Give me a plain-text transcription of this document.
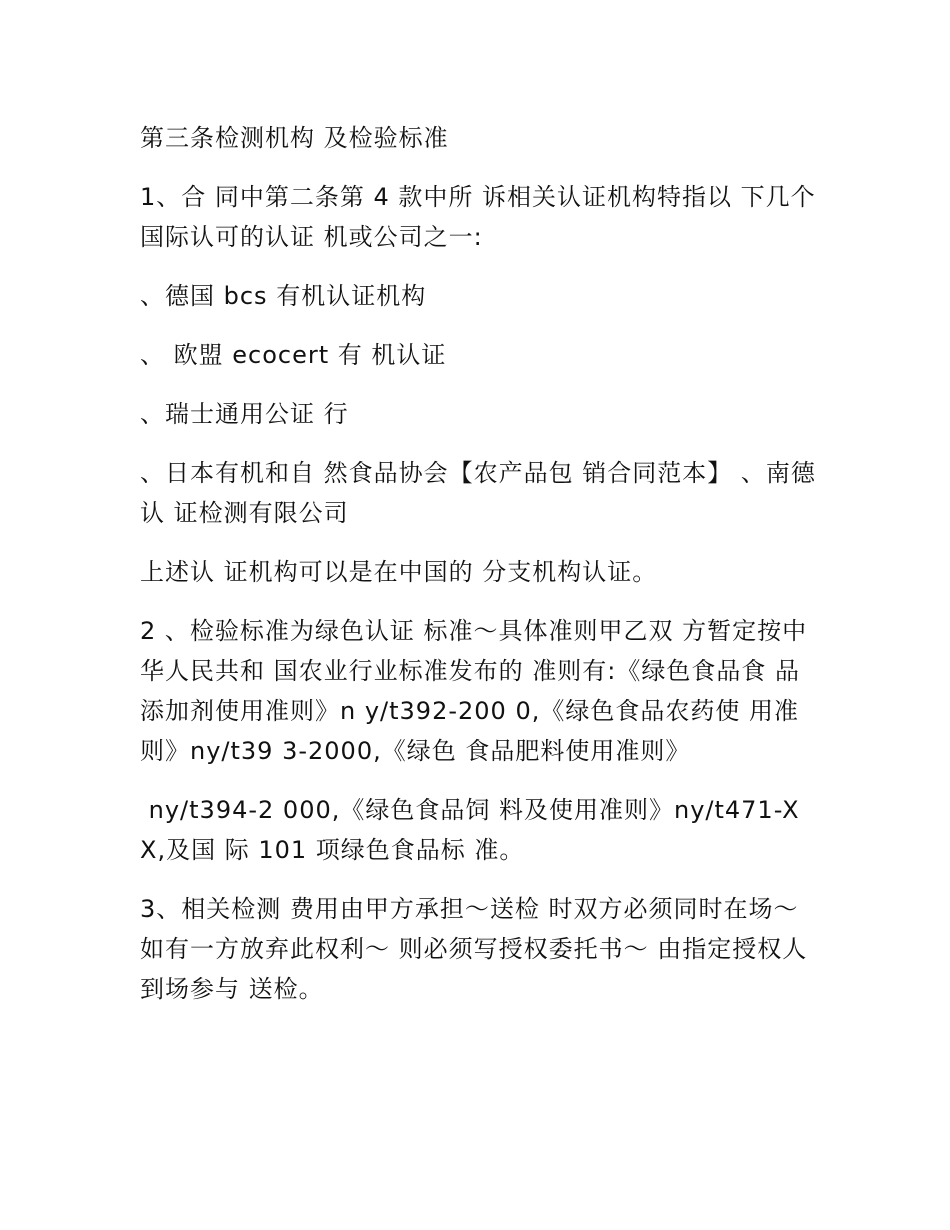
第三条检测机构 及检验标准

1、合 同中第二条第 4 款中所 诉相关认证机构特指以 下几个国际认可的认证 机或公司之一:

、德国 bcs 有机认证机构

、 欧盟 ecocert 有 机认证

、瑞士通用公证 行

、日本有机和自 然食品协会【农产品包 销合同范本】 、南德认 证检测有限公司

上述认 证机构可以是在中国的 分支机构认证。

2 、检验标准为绿色认证 标准～具体准则甲乙双 方暂定按中华人民共和 国农业行业标准发布的 准则有:《绿色食品食 品添加剂使用准则》n y/t392-200 0,《绿色食品农药使 用准则》ny/t39 3-2000,《绿色 食品肥料使用准则》

ny/t394-2 000,《绿色食品饲 料及使用准则》ny/t471-XX,及国 际 101 项绿色食品标 准。

3、相关检测 费用由甲方承担～送检 时双方必须同时在场～ 如有一方放弃此权利～ 则必须写授权委托书～ 由指定授权人到场参与 送检。
